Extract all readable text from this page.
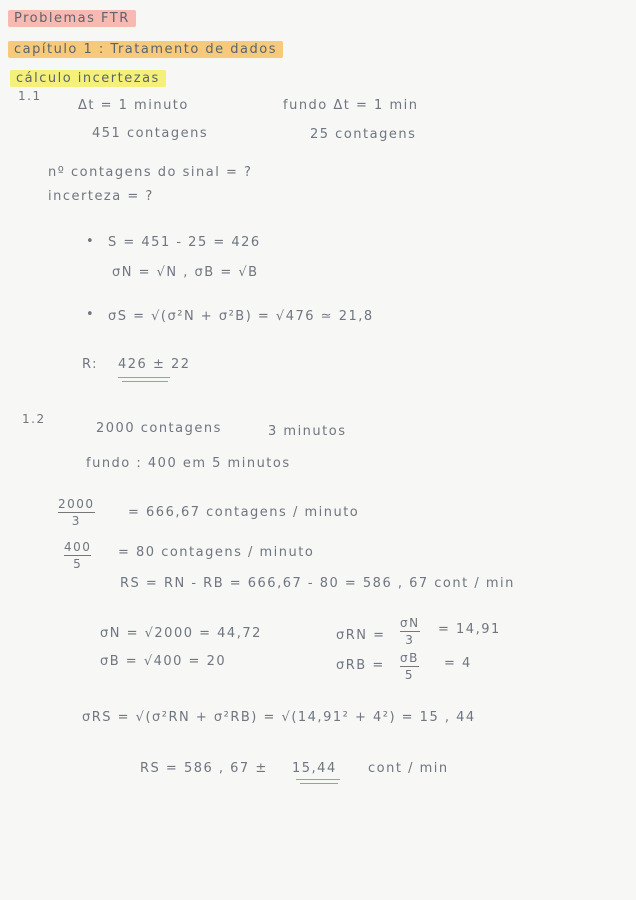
Problemas FTR
capítulo 1 : Tratamento de dados
cálculo incertezas
1.1
Δt = 1 minuto	fundo Δt = 1 min
451 contagens	25 contagens
nº contagens do sinal = ?
incerteza = ?
• S = 451 - 25 = 426
σN = √N , σB = √B
• σS = √(σ²N + σ²B) = √476 ≃ 21,8
R: 426 ± 22
1.2
2000 contagens	3 minutos
fundo : 400 em 5 minutos
2000
3
= 666,67 contagens / minuto
400
5
= 80 contagens / minuto
RS = RN - RB = 666,67 - 80 = 586 , 67 cont / min
σN = √2000 = 44,72
σB = √400 = 20
σRN =
σN
3
= 14,91
σRB = σB
5
= 4
σRS = √(σ²RN + σ²RB) = √(14,91² + 4²) = 15 , 44
RS = 586 , 67 ± 15,44 cont / min
